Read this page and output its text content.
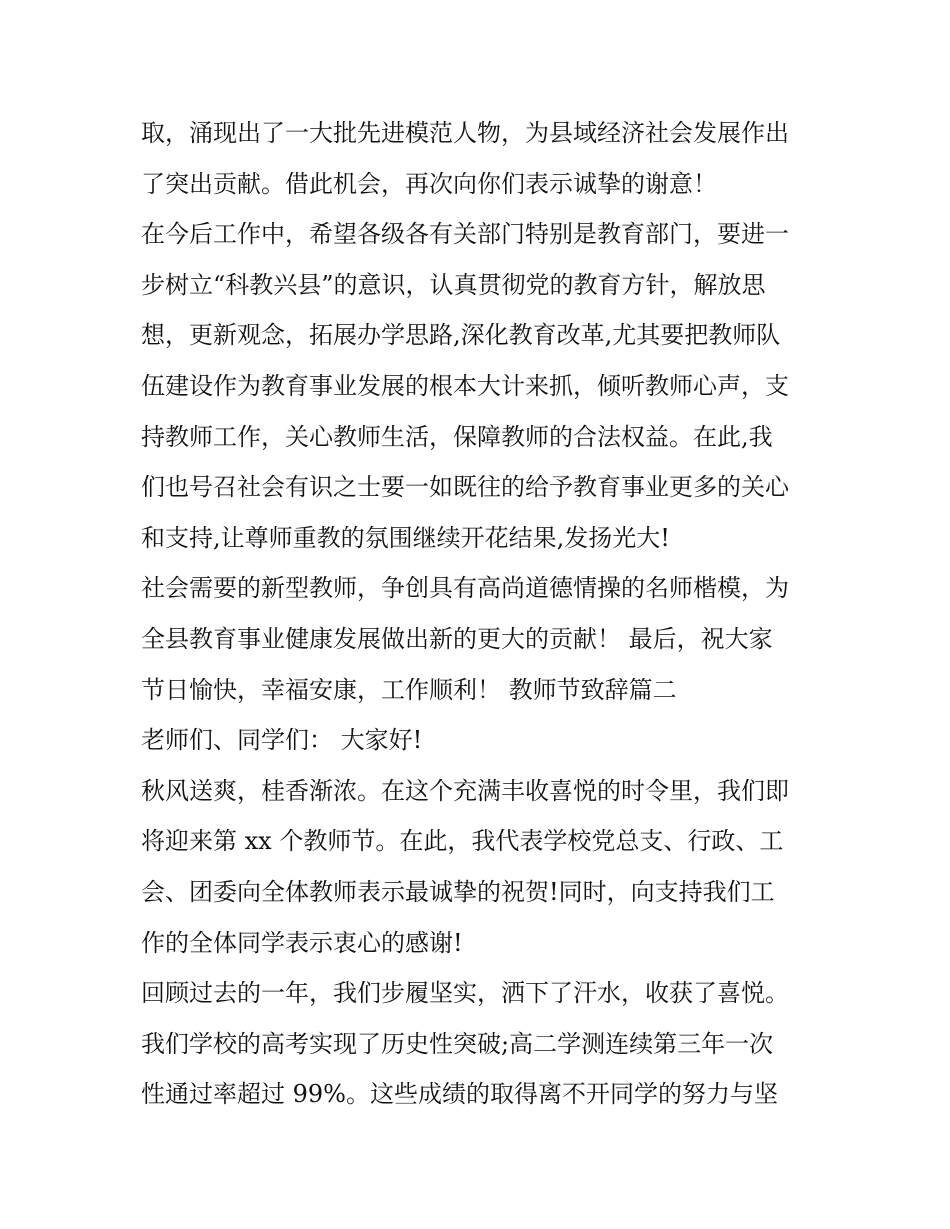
取，涌现出了一大批先进模范人物，为县域经济社会发展作出
了突出贡献。借此机会，再次向你们表示诚挚的谢意！
在今后工作中，希望各级各有关部门特别是教育部门，要进一
步树立“科教兴县”的意识，认真贯彻党的教育方针，解放思
想，更新观念，拓展办学思路,深化教育改革,尤其要把教师队
伍建设作为教育事业发展的根本大计来抓，倾听教师心声，支
持教师工作，关心教师生活，保障教师的合法权益。在此,我
们也号召社会有识之士要一如既往的给予教育事业更多的关心
和支持,让尊师重教的氛围继续开花结果,发扬光大!
社会需要的新型教师，争创具有高尚道德情操的名师楷模，为
全县教育事业健康发展做出新的更大的贡献！ 最后，祝大家
节日愉快，幸福安康，工作顺利！ 教师节致辞篇二
老师们、同学们： 大家好!
秋风送爽，桂香渐浓。在这个充满丰收喜悦的时令里，我们即
将迎来第 xx 个教师节。在此，我代表学校党总支、行政、工
会、团委向全体教师表示最诚挚的祝贺!同时，向支持我们工
作的全体同学表示衷心的感谢!
回顾过去的一年，我们步履坚实，洒下了汗水，收获了喜悦。
我们学校的高考实现了历史性突破;高二学测连续第三年一次
性通过率超过 99%。这些成绩的取得离不开同学的努力与坚
